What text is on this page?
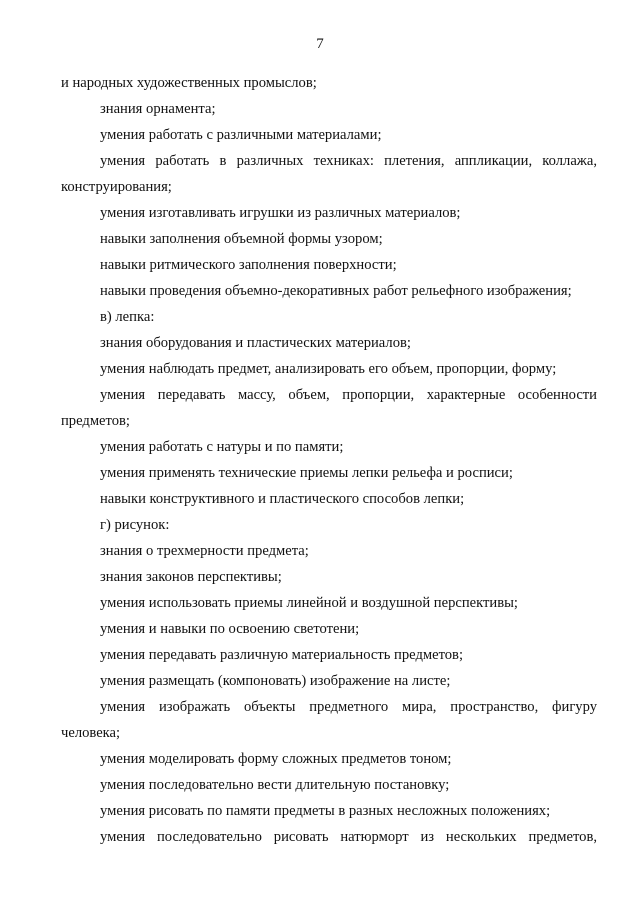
7
и народных художественных промыслов;
знания орнамента;
умения работать с различными материалами;
умения работать в различных техниках: плетения, аппликации, коллажа,
конструирования;
умения изготавливать игрушки из различных материалов;
навыки заполнения объемной формы узором;
навыки ритмического заполнения поверхности;
навыки проведения объемно-декоративных работ рельефного изображения;
в) лепка:
знания оборудования и пластических материалов;
умения наблюдать предмет, анализировать его объем, пропорции, форму;
умения передавать массу, объем, пропорции, характерные особенности
предметов;
умения работать с натуры и по памяти;
умения применять технические приемы лепки рельефа и росписи;
навыки конструктивного и пластического способов лепки;
г) рисунок:
знания о трехмерности предмета;
знания законов перспективы;
умения использовать приемы линейной и воздушной перспективы;
умения и навыки по освоению светотени;
умения передавать различную материальность предметов;
умения размещать (компоновать) изображение на листе;
умения изображать объекты предметного мира, пространство, фигуру
человека;
умения моделировать форму сложных предметов тоном;
умения последовательно вести длительную постановку;
умения рисовать по памяти предметы в разных несложных положениях;
умения последовательно рисовать натюрморт из нескольких предметов,
